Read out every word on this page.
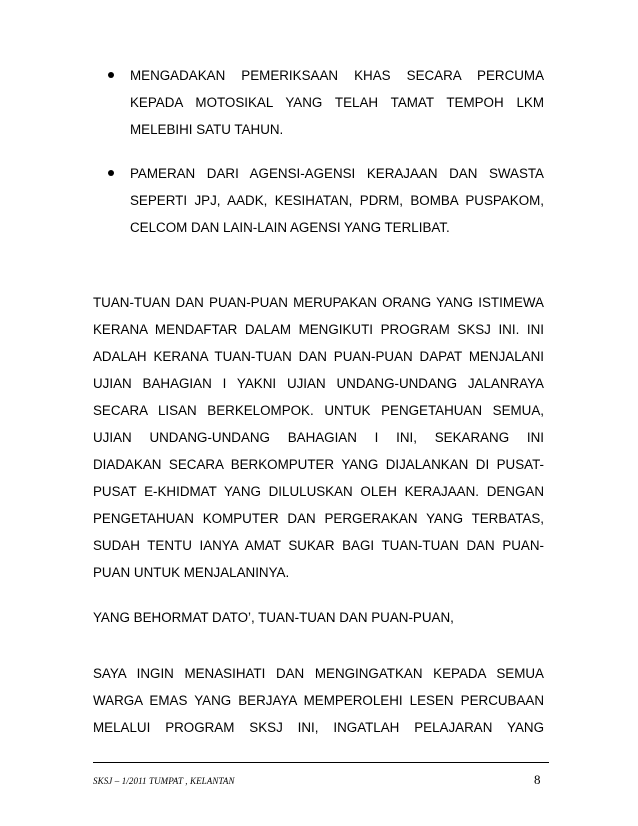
MENGADAKAN PEMERIKSAAN KHAS SECARA PERCUMA
KEPADA MOTOSIKAL YANG TELAH TAMAT TEMPOH LKM
MELEBIHI SATU TAHUN.
PAMERAN DARI AGENSI-AGENSI KERAJAAN DAN SWASTA
SEPERTI JPJ, AADK, KESIHATAN, PDRM, BOMBA PUSPAKOM,
CELCOM DAN LAIN-LAIN AGENSI YANG TERLIBAT.

TUAN-TUAN DAN PUAN-PUAN MERUPAKAN ORANG YANG ISTIMEWA
KERANA MENDAFTAR DALAM MENGIKUTI PROGRAM SKSJ INI. INI
ADALAH KERANA TUAN-TUAN DAN PUAN-PUAN DAPAT MENJALANI
UJIAN BAHAGIAN I YAKNI UJIAN UNDANG-UNDANG JALANRAYA
SECARA LISAN BERKELOMPOK. UNTUK PENGETAHUAN SEMUA,
UJIAN UNDANG-UNDANG BAHAGIAN I INI, SEKARANG INI
DIADAKAN SECARA BERKOMPUTER YANG DIJALANKAN DI PUSAT-
PUSAT E-KHIDMAT YANG DILULUSKAN OLEH KERAJAAN. DENGAN
PENGETAHUAN KOMPUTER DAN PERGERAKAN YANG TERBATAS,
SUDAH TENTU IANYA AMAT SUKAR BAGI TUAN-TUAN DAN PUAN-
PUAN UNTUK MENJALANINYA.

YANG BEHORMAT DATO’, TUAN-TUAN DAN PUAN-PUAN,

SAYA INGIN MENASIHATI DAN MENGINGATKAN KEPADA SEMUA
WARGA EMAS YANG BERJAYA MEMPEROLEHI LESEN PERCUBAAN
MELALUI PROGRAM SKSJ INI, INGATLAH PELAJARAN YANG

SKSJ – 1/2011 TUMPAT , KELANTAN	8
